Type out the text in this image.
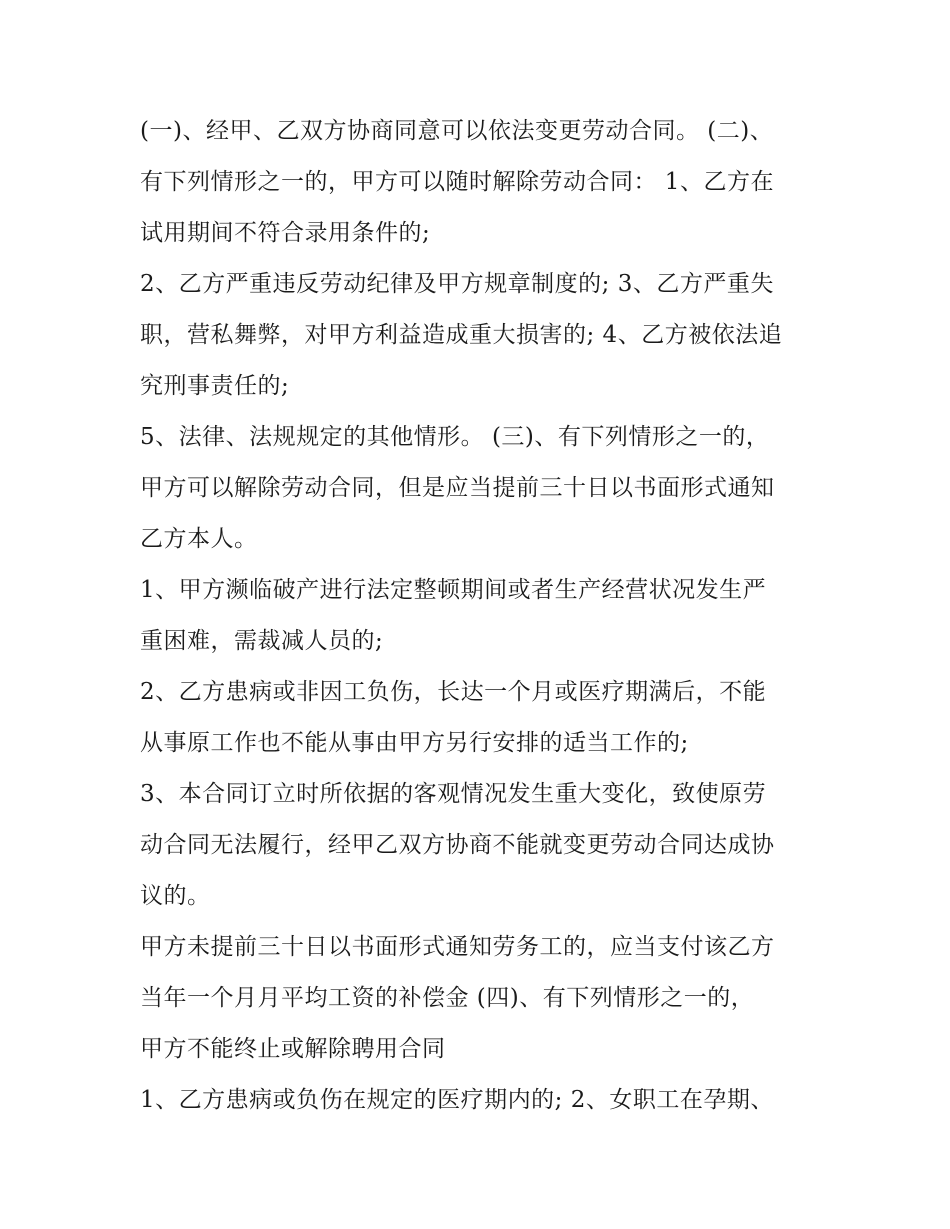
(一)、经甲、乙双方协商同意可以依法变更劳动合同。 (二)、
有下列情形之一的，甲方可以随时解除劳动合同： 1、乙方在
试用期间不符合录用条件的;
2、乙方严重违反劳动纪律及甲方规章制度的; 3、乙方严重失
职，营私舞弊，对甲方利益造成重大损害的; 4、乙方被依法追
究刑事责任的;
5、法律、法规规定的其他情形。 (三)、有下列情形之一的，
甲方可以解除劳动合同，但是应当提前三十日以书面形式通知
乙方本人。
1、甲方濒临破产进行法定整顿期间或者生产经营状况发生严
重困难，需裁减人员的;
2、乙方患病或非因工负伤，长达一个月或医疗期满后，不能
从事原工作也不能从事由甲方另行安排的适当工作的;
3、本合同订立时所依据的客观情况发生重大变化，致使原劳
动合同无法履行，经甲乙双方协商不能就变更劳动合同达成协
议的。
甲方未提前三十日以书面形式通知劳务工的，应当支付该乙方
当年一个月月平均工资的补偿金 (四)、有下列情形之一的，
甲方不能终止或解除聘用合同
1、乙方患病或负伤在规定的医疗期内的; 2、女职工在孕期、
